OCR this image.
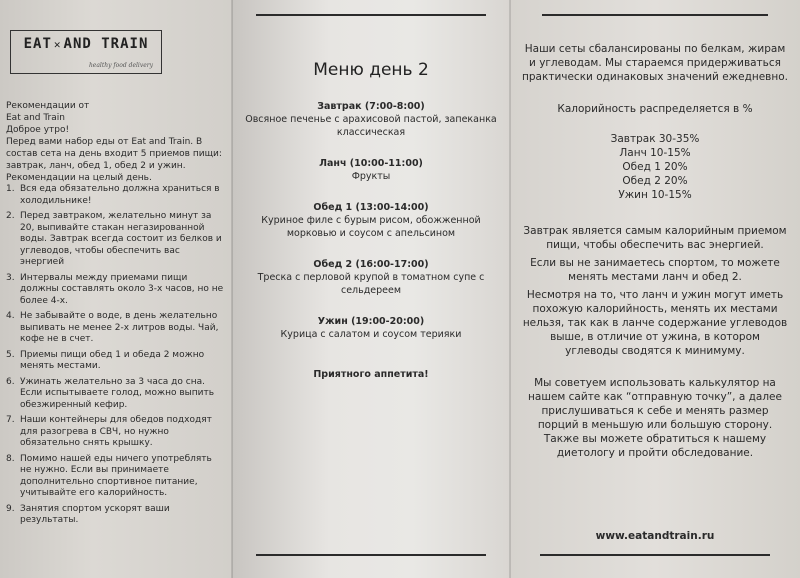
EAT ✕ AND TRAIN
healthy food delivery

Рекомендации от

Eat and Train

Доброе утро!

Перед вами набор еды от Eat and Train. В

состав сета на день входит 5 приемов пищи:

завтрак, ланч, обед 1, обед 2 и ужин.

Рекомендации на целый день.

1. Вся еда обязательно должна храниться в холодильнике!
2. Перед завтраком, желательно минут за 20, выпивайте стакан негазированной воды. Завтрак всегда состоит из белков и углеводов, чтобы обеспечить вас энергией
3. Интервалы между приемами пищи должны составлять около 3-х часов, но не более 4-х.
4. Не забывайте о воде, в день желательно выпивать не менее 2-х литров воды. Чай, кофе не в счет.
5. Приемы пищи обед 1 и обеда 2 можно менять местами.
6. Ужинать желательно за 3 часа до сна. Если испытываете голод, можно выпить обезжиренный кефир.
7. Наши контейнеры для обедов подходят для разогрева в СВЧ, но нужно обязательно снять крышку.
8. Помимо нашей еды ничего употреблять не нужно. Если вы принимаете дополнительно спортивное питание, учитывайте его калорийность.
9. Занятия спортом ускорят ваши результаты.
Меню день 2
Завтрак (7:00-8:00)
Овсяное печенье с арахисовой пастой, запеканка классическая
Ланч (10:00-11:00)
Фрукты
Обед 1 (13:00-14:00)
Куриное филе с бурым рисом, обожженной морковью и соусом с апельсином
Обед 2 (16:00-17:00)
Треска с перловой крупой в томатном супе с сельдереем
Ужин (19:00-20:00)
Курица с салатом и соусом терияки
Приятного аппетита!

Наши сеты сбалансированы по белкам, жирам и углеводам. Мы стараемся придерживаться практически одинаковых значений ежедневно.

Калорийность распределяется в %

Завтрак 30-35%
Ланч 10-15%
Обед 1 20%
Обед 2 20%
Ужин 10-15%

Завтрак является самым калорийным приемом пищи, чтобы обеспечить вас энергией.

Если вы не занимаетесь спортом, то можете менять местами ланч и обед 2.

Несмотря на то, что ланч и ужин могут иметь похожую калорийность, менять их местами нельзя, так как в ланче содержание углеводов выше, в отличие от ужина, в котором углеводы сводятся к минимуму.

Мы советуем использовать калькулятор на нашем сайте как “отправную точку”, а далее прислушиваться к себе и менять размер порций в меньшую или большую сторону. Также вы можете обратиться к нашему диетологу и пройти обследование.

www.eatandtrain.ru
